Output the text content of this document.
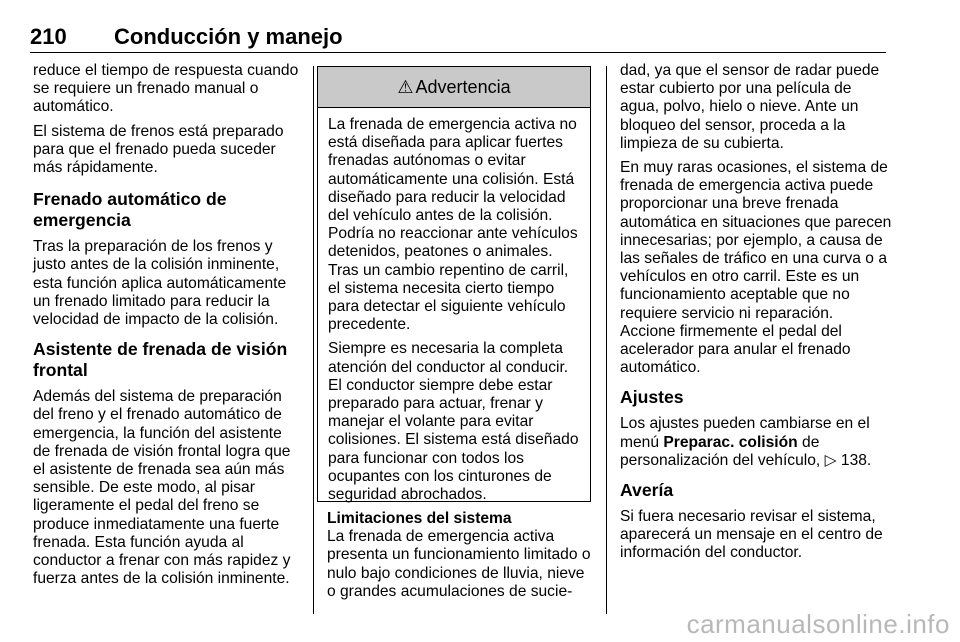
210 Conducción y manejo

reduce el tiempo de respuesta cuando se requiere un frenado manual o automático.

El sistema de frenos está preparado para que el frenado pueda suceder más rápidamente.

Frenado automático de emergencia

Tras la preparación de los frenos y justo antes de la colisión inminente, esta función aplica automáticamente un frenado limitado para reducir la velocidad de impacto de la colisión.

Asistente de frenada de visión frontal

Además del sistema de preparación del freno y el frenado automático de emergencia, la función del asistente de frenada de visión frontal logra que el asistente de frenada sea aún más sensible. De este modo, al pisar ligeramente el pedal del freno se produce inmediatamente una fuerte frenada. Esta función ayuda al conductor a frenar con más rapidez y fuerza antes de la colisión inminente.

⚠ Advertencia

La frenada de emergencia activa no está diseñada para aplicar fuertes frenadas autónomas o evitar automáticamente una colisión. Está diseñado para reducir la velocidad del vehículo antes de la colisión. Podría no reaccionar ante vehículos detenidos, peatones o animales. Tras un cambio repentino de carril, el sistema necesita cierto tiempo para detectar el siguiente vehículo precedente.

Siempre es necesaria la completa atención del conductor al conducir. El conductor siempre debe estar preparado para actuar, frenar y manejar el volante para evitar colisiones. El sistema está diseñado para funcionar con todos los ocupantes con los cinturones de seguridad abrochados.

Limitaciones del sistema

La frenada de emergencia activa presenta un funcionamiento limitado o nulo bajo condiciones de lluvia, nieve o grandes acumulaciones de sucie-

dad, ya que el sensor de radar puede estar cubierto por una película de agua, polvo, hielo o nieve. Ante un bloqueo del sensor, proceda a la limpieza de su cubierta.

En muy raras ocasiones, el sistema de frenada de emergencia activa puede proporcionar una breve frenada automática en situaciones que parecen innecesarias; por ejemplo, a causa de las señales de tráfico en una curva o a vehículos en otro carril. Este es un funcionamiento aceptable que no requiere servicio ni reparación. Accione firmemente el pedal del acelerador para anular el frenado automático.

Ajustes

Los ajustes pueden cambiarse en el menú Preparac. colisión de personalización del vehículo, ▷ 138.

Avería

Si fuera necesario revisar el sistema, aparecerá un mensaje en el centro de información del conductor.

carmanualsonline.info
